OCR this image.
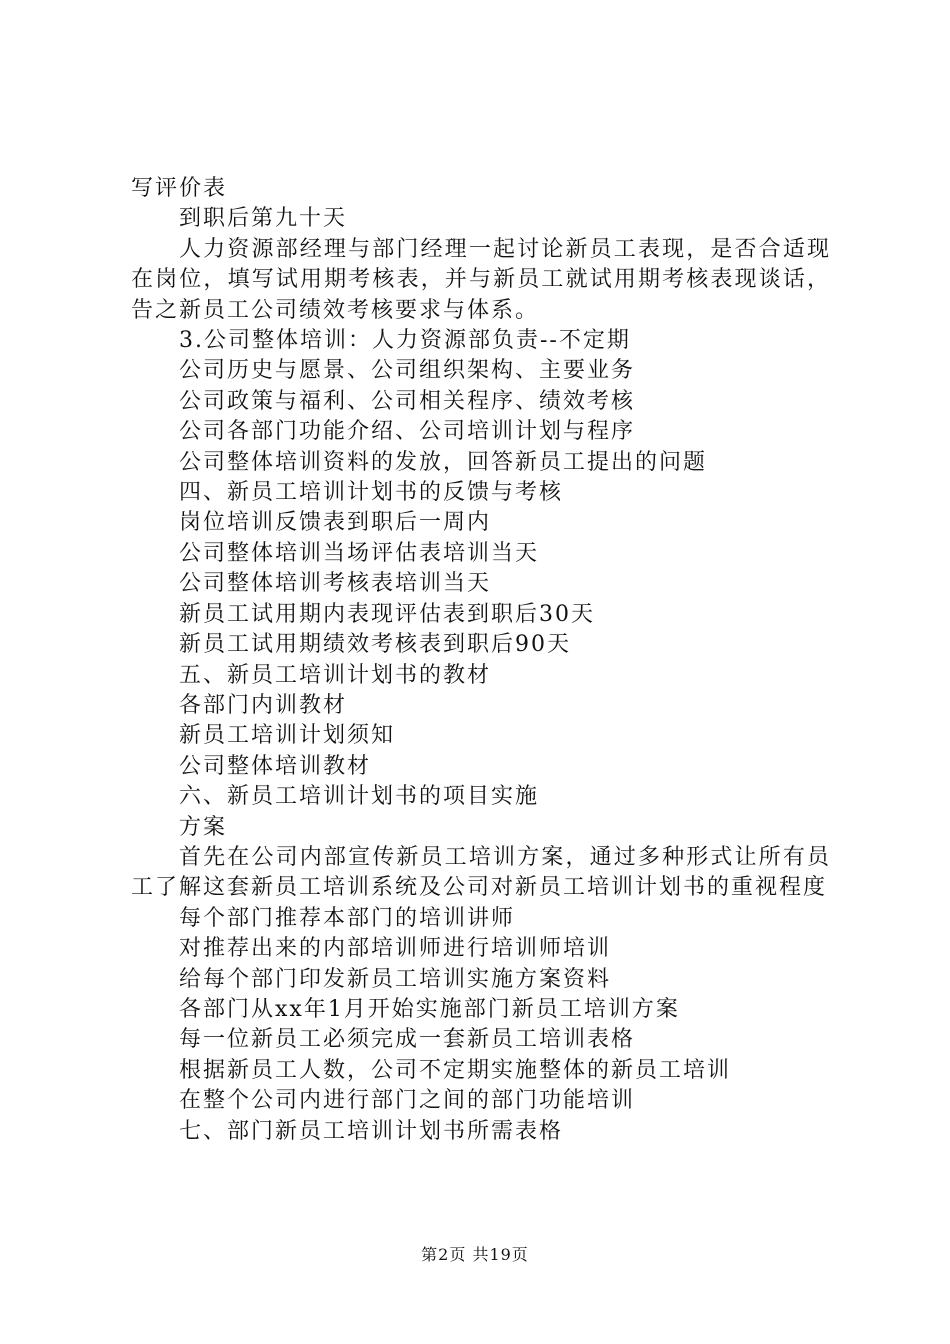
写评价表

到职后第九十天

人力资源部经理与部门经理一起讨论新员工表现，是否合适现在岗位，填写试用期考核表，并与新员工就试用期考核表现谈话，告之新员工公司绩效考核要求与体系。

3.公司整体培训：人力资源部负责--不定期

公司历史与愿景、公司组织架构、主要业务

公司政策与福利、公司相关程序、绩效考核

公司各部门功能介绍、公司培训计划与程序

公司整体培训资料的发放，回答新员工提出的问题

四、新员工培训计划书的反馈与考核

岗位培训反馈表到职后一周内

公司整体培训当场评估表培训当天

公司整体培训考核表培训当天

新员工试用期内表现评估表到职后30天

新员工试用期绩效考核表到职后90天

五、新员工培训计划书的教材

各部门内训教材

新员工培训计划须知

公司整体培训教材

六、新员工培训计划书的项目实施

方案

首先在公司内部宣传新员工培训方案，通过多种形式让所有员工了解这套新员工培训系统及公司对新员工培训计划书的重视程度

每个部门推荐本部门的培训讲师

对推荐出来的内部培训师进行培训师培训

给每个部门印发新员工培训实施方案资料

各部门从xx年1月开始实施部门新员工培训方案

每一位新员工必须完成一套新员工培训表格

根据新员工人数，公司不定期实施整体的新员工培训

在整个公司内进行部门之间的部门功能培训

七、部门新员工培训计划书所需表格

第2页 共19页
